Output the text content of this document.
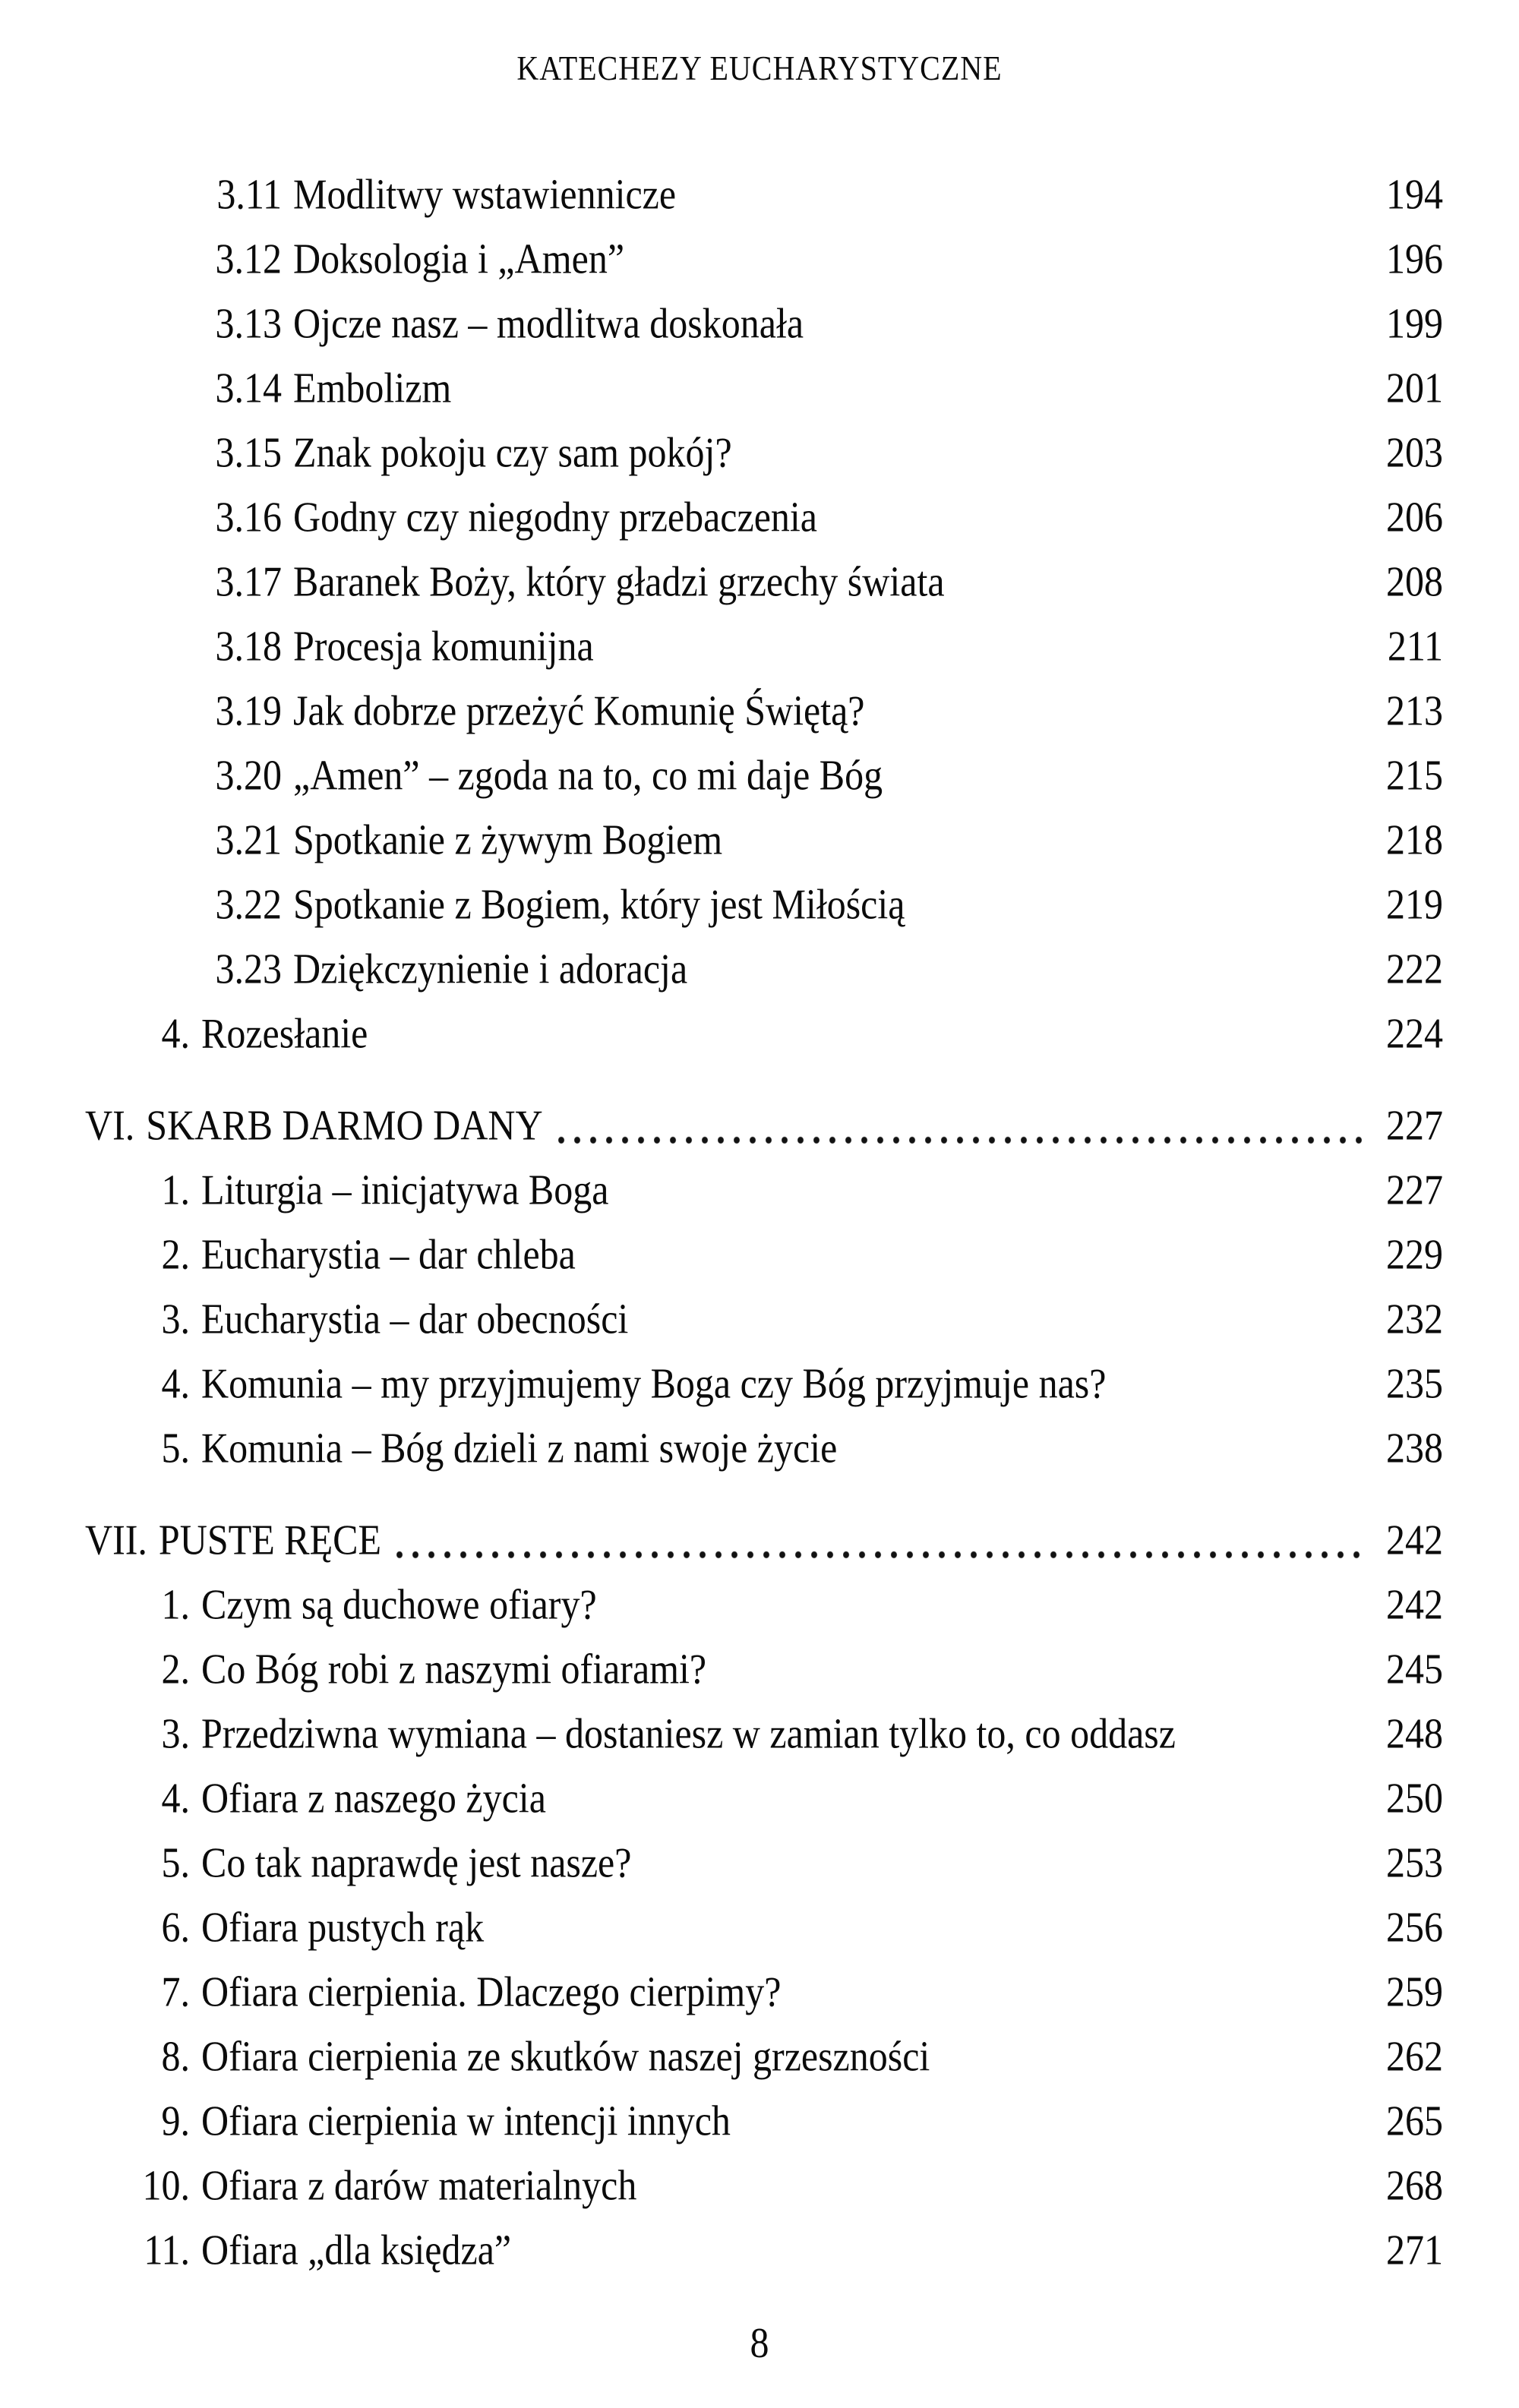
KATECHEZY EUCHARYSTYCZNE
3.11 Modlitwy wstawiennicze	194
3.12 Doksologia i „Amen”	196
3.13 Ojcze nasz – modlitwa doskonała	199
3.14 Embolizm	201
3.15 Znak pokoju czy sam pokój?	203
3.16 Godny czy niegodny przebaczenia	206
3.17 Baranek Boży, który gładzi grzechy świata	208
3.18 Procesja komunijna	211
3.19 Jak dobrze przeżyć Komunię Świętą?	213
3.20 „Amen” – zgoda na to, co mi daje Bóg	215
3.21 Spotkanie z żywym Bogiem	218
3.22 Spotkanie z Bogiem, który jest Miłością	219
3.23 Dziękczynienie i adoracja	222
4. Rozesłanie	224
VI. SKARB DARMO DANY	227
1. Liturgia – inicjatywa Boga	227
2. Eucharystia – dar chleba	229
3. Eucharystia – dar obecności	232
4. Komunia – my przyjmujemy Boga czy Bóg przyjmuje nas?	235
5. Komunia – Bóg dzieli z nami swoje życie	238
VII. PUSTE RĘCE	242
1. Czym są duchowe ofiary?	242
2. Co Bóg robi z naszymi ofiarami?	245
3. Przedziwna wymiana – dostaniesz w zamian tylko to, co oddasz	248
4. Ofiara z naszego życia	250
5. Co tak naprawdę jest nasze?	253
6. Ofiara pustych rąk	256
7. Ofiara cierpienia. Dlaczego cierpimy?	259
8. Ofiara cierpienia ze skutków naszej grzeszności	262
9. Ofiara cierpienia w intencji innych	265
10. Ofiara z darów materialnych	268
11. Ofiara „dla księdza”	271
8
